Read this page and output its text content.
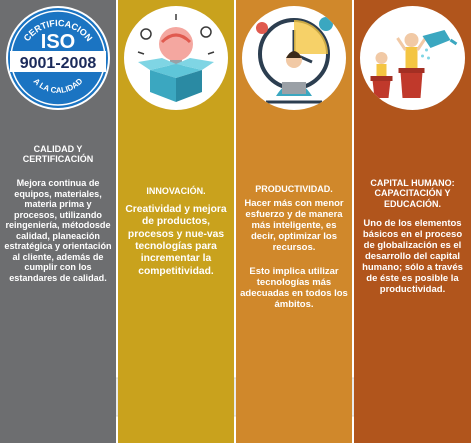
CERTIFICACION
ISO
9001-2008
A LA CALIDAD
CALIDAD Y CERTIFICACIÓN
Mejora continua de equipos, materiales, materia prima y procesos, utilizando reingeniería, métodosde calidad, planeación estratégica y orientación al cliente, además de cumplir con los estandares de calidad.
INNOVACIÓN.
Creatividad y mejora de productos, procesos y nue-vas tecnologías para incrementar la competitividad.
PRODUCTIVIDAD.
Hacer más con menor esfuerzo y de manera más inteligente, es decir, optimizar los recursos.
Esto implica utilizar tecnologías más adecuadas en todos los ámbitos.
CAPITAL HUMANO: CAPACITACIÓN Y EDUCACIÓN.
Uno de los elementos básicos en el proceso de globalización es el desarrollo del capital humano; sólo a través de éste es posible la productividad.
